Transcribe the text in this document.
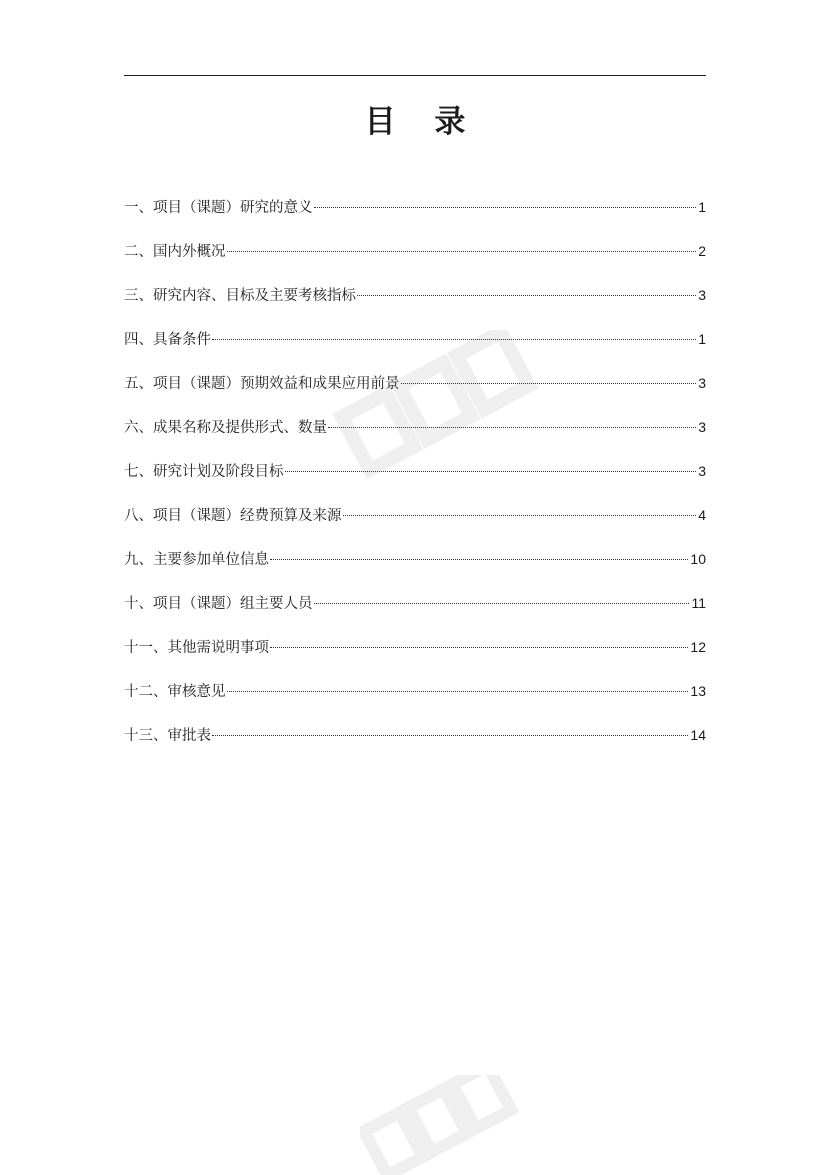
目 录
一、项目（课题）研究的意义	1
二、国内外概况	2
三、研究内容、目标及主要考核指标	3
四、具备条件	1
五、项目（课题）预期效益和成果应用前景	3
六、成果名称及提供形式、数量	3
七、研究计划及阶段目标	3
八、项目（课题）经费预算及来源	4
九、主要参加单位信息	10
十、项目（课题）组主要人员	11
十一、其他需说明事项	12
十二、审核意见	13
十三、审批表	14
